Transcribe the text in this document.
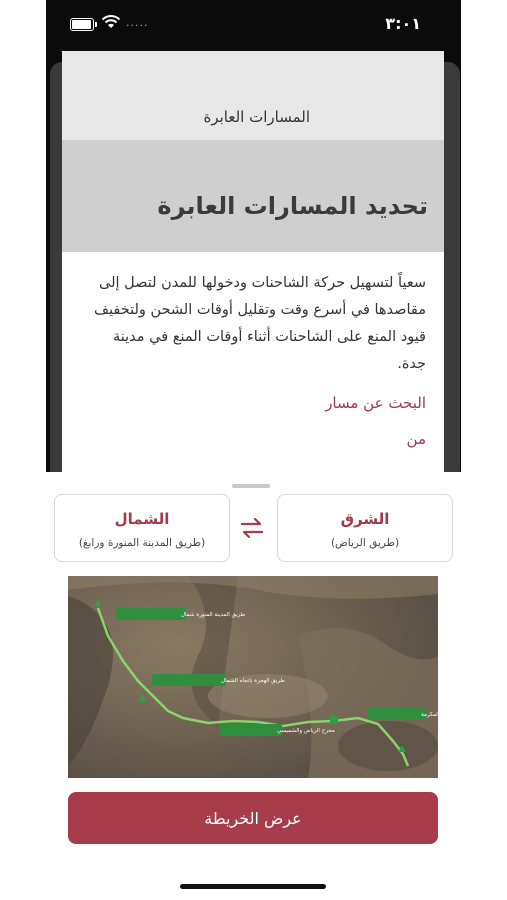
.....	٣:٠١
المسارات العابرة
تحديد المسارات العابرة
سعياً لتسهيل حركة الشاحنات ودخولها للمدن لتصل إلى مقاصدها في أسرع وقت وتقليل أوقات الشحن ولتخفيف قيود المنع على الشاحنات أثناء أوقات المنع في مدينة جدة.
البحث عن مسار
من
الشرق
(طريق الرياض)
الشمال
(طريق المدينة المنورة ورابغ)
طريق المدينة المنورة شمال
طريق الهجرة باتجاه الشمال
مخرج الرياض والشميسي
طريق مكة المكرمة
عرض الخريطة
